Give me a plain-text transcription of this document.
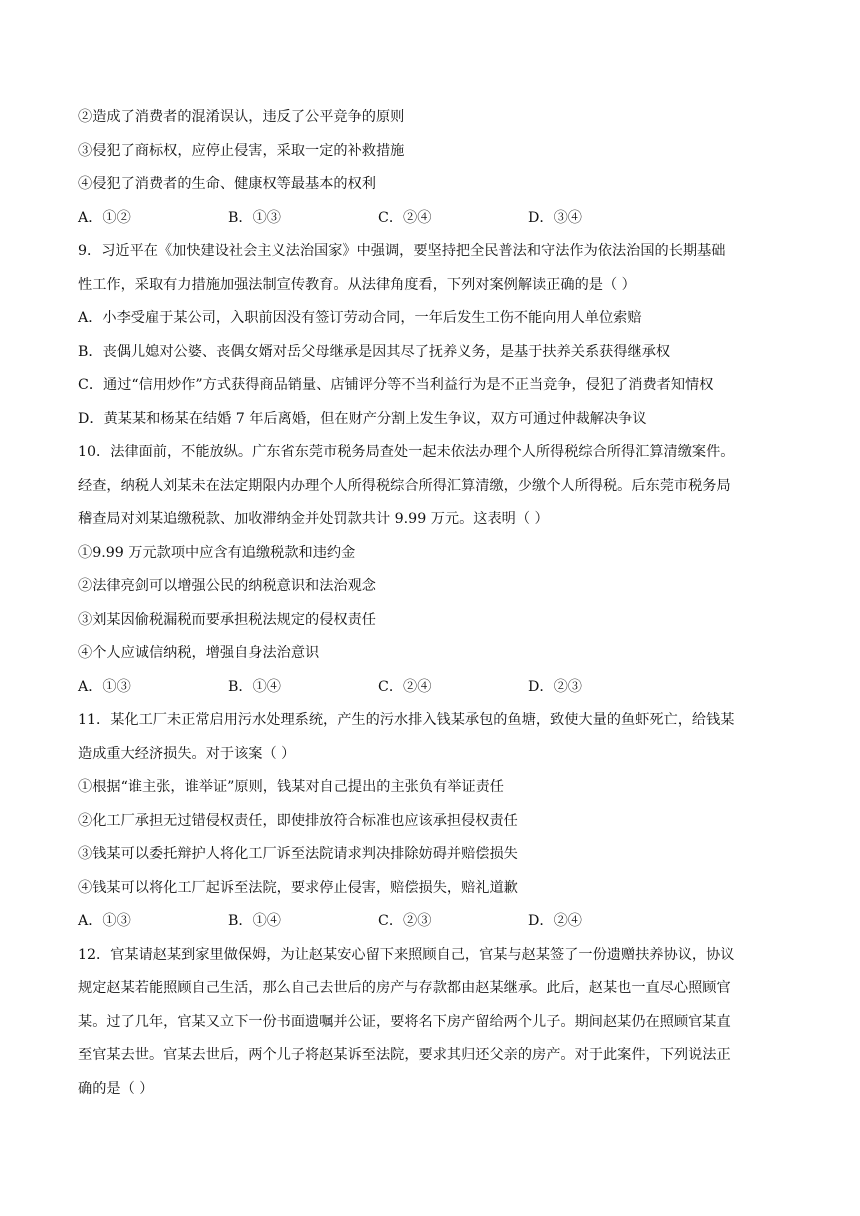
②造成了消费者的混淆误认，违反了公平竞争的原则
③侵犯了商标权，应停止侵害，采取一定的补救措施
④侵犯了消费者的生命、健康权等最基本的权利
A．①②	B．①③	C．②④	D．③④
9．习近平在《加快建设社会主义法治国家》中强调，要坚持把全民普法和守法作为依法治国的长期基础
性工作，采取有力措施加强法制宣传教育。从法律角度看，下列对案例解读正确的是（ ）
A．小李受雇于某公司，入职前因没有签订劳动合同，一年后发生工伤不能向用人单位索赔
B．丧偶儿媳对公婆、丧偶女婿对岳父母继承是因其尽了抚养义务，是基于扶养关系获得继承权
C．通过“信用炒作”方式获得商品销量、店铺评分等不当利益行为是不正当竞争，侵犯了消费者知情权
D．黄某某和杨某在结婚 7 年后离婚，但在财产分割上发生争议，双方可通过仲裁解决争议
10．法律面前，不能放纵。广东省东莞市税务局查处一起未依法办理个人所得税综合所得汇算清缴案件。
经查，纳税人刘某未在法定期限内办理个人所得税综合所得汇算清缴，少缴个人所得税。后东莞市税务局
稽查局对刘某追缴税款、加收滞纳金并处罚款共计 9.99 万元。这表明（ ）
①9.99 万元款项中应含有追缴税款和违约金
②法律亮剑可以增强公民的纳税意识和法治观念
③刘某因偷税漏税而要承担税法规定的侵权责任
④个人应诚信纳税，增强自身法治意识
A．①③	B．①④	C．②④	D．②③
11．某化工厂未正常启用污水处理系统，产生的污水排入钱某承包的鱼塘，致使大量的鱼虾死亡，给钱某
造成重大经济损失。对于该案（ ）
①根据“谁主张，谁举证”原则，钱某对自己提出的主张负有举证责任
②化工厂承担无过错侵权责任，即使排放符合标准也应该承担侵权责任
③钱某可以委托辩护人将化工厂诉至法院请求判决排除妨碍并赔偿损失
④钱某可以将化工厂起诉至法院，要求停止侵害，赔偿损失，赔礼道歉
A．①③	B．①④	C．②③	D．②④
12．官某请赵某到家里做保姆，为让赵某安心留下来照顾自己，官某与赵某签了一份遗赠扶养协议，协议
规定赵某若能照顾自己生活，那么自己去世后的房产与存款都由赵某继承。此后，赵某也一直尽心照顾官
某。过了几年，官某又立下一份书面遗嘱并公证，要将名下房产留给两个儿子。期间赵某仍在照顾官某直
至官某去世。官某去世后，两个儿子将赵某诉至法院，要求其归还父亲的房产。对于此案件，下列说法正
确的是（ ）
